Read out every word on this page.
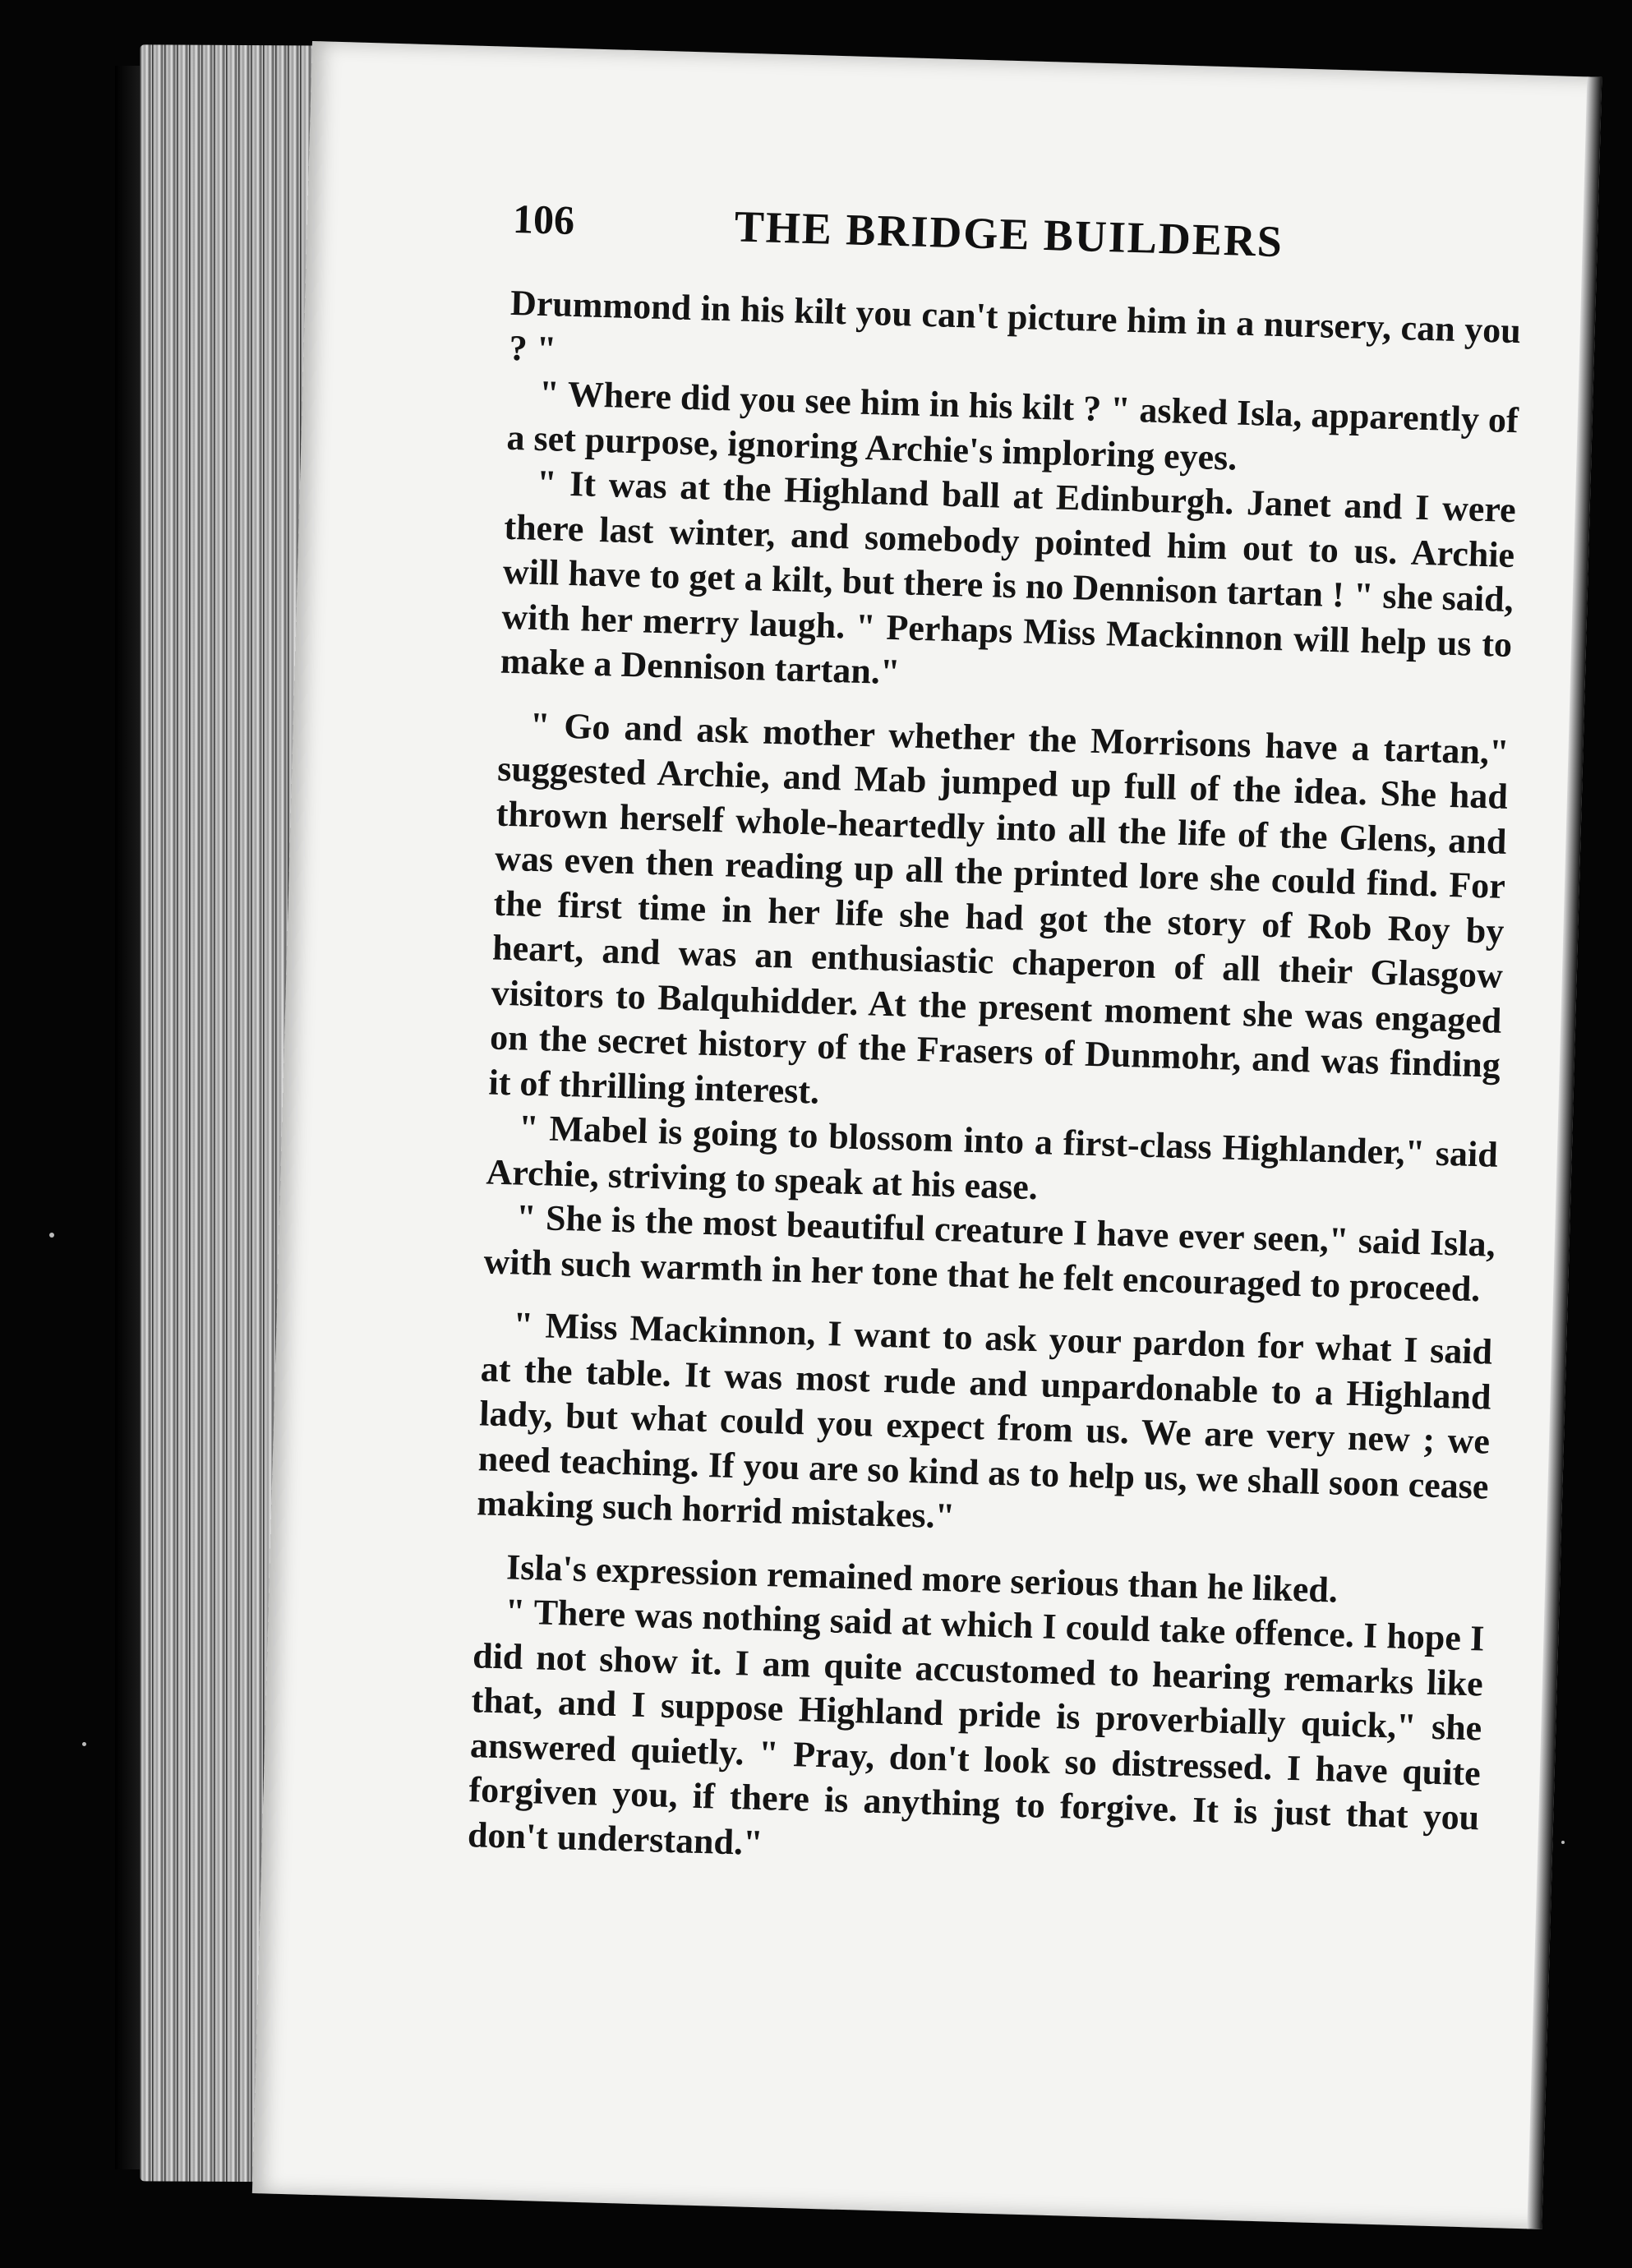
106	THE BRIDGE BUILDERS

Drummond in his kilt you can't picture him in a nursery, can you ? "

" Where did you see him in his kilt ? " asked Isla, apparently of a set purpose, ignoring Archie's imploring eyes.

" It was at the Highland ball at Edinburgh. Janet and I were there last winter, and somebody pointed him out to us. Archie will have to get a kilt, but there is no Dennison tartan ! " she said, with her merry laugh. " Perhaps Miss Mackinnon will help us to make a Dennison tartan."

" Go and ask mother whether the Morrisons have a tartan," suggested Archie, and Mab jumped up full of the idea. She had thrown herself whole-heartedly into all the life of the Glens, and was even then reading up all the printed lore she could find. For the first time in her life she had got the story of Rob Roy by heart, and was an enthusiastic chaperon of all their Glasgow visitors to Balquhidder. At the present moment she was engaged on the secret history of the Frasers of Dunmohr, and was finding it of thrilling interest.

" Mabel is going to blossom into a first-class Highlander," said Archie, striving to speak at his ease.

" She is the most beautiful creature I have ever seen," said Isla, with such warmth in her tone that he felt encouraged to proceed.

" Miss Mackinnon, I want to ask your pardon for what I said at the table. It was most rude and unpardonable to a Highland lady, but what could you expect from us. We are very new ; we need teaching. If you are so kind as to help us, we shall soon cease making such horrid mistakes."

Isla's expression remained more serious than he liked.

" There was nothing said at which I could take offence. I hope I did not show it. I am quite accustomed to hearing remarks like that, and I suppose Highland pride is proverbially quick," she answered quietly. " Pray, don't look so distressed. I have quite forgiven you, if there is anything to forgive. It is just that you don't understand."
